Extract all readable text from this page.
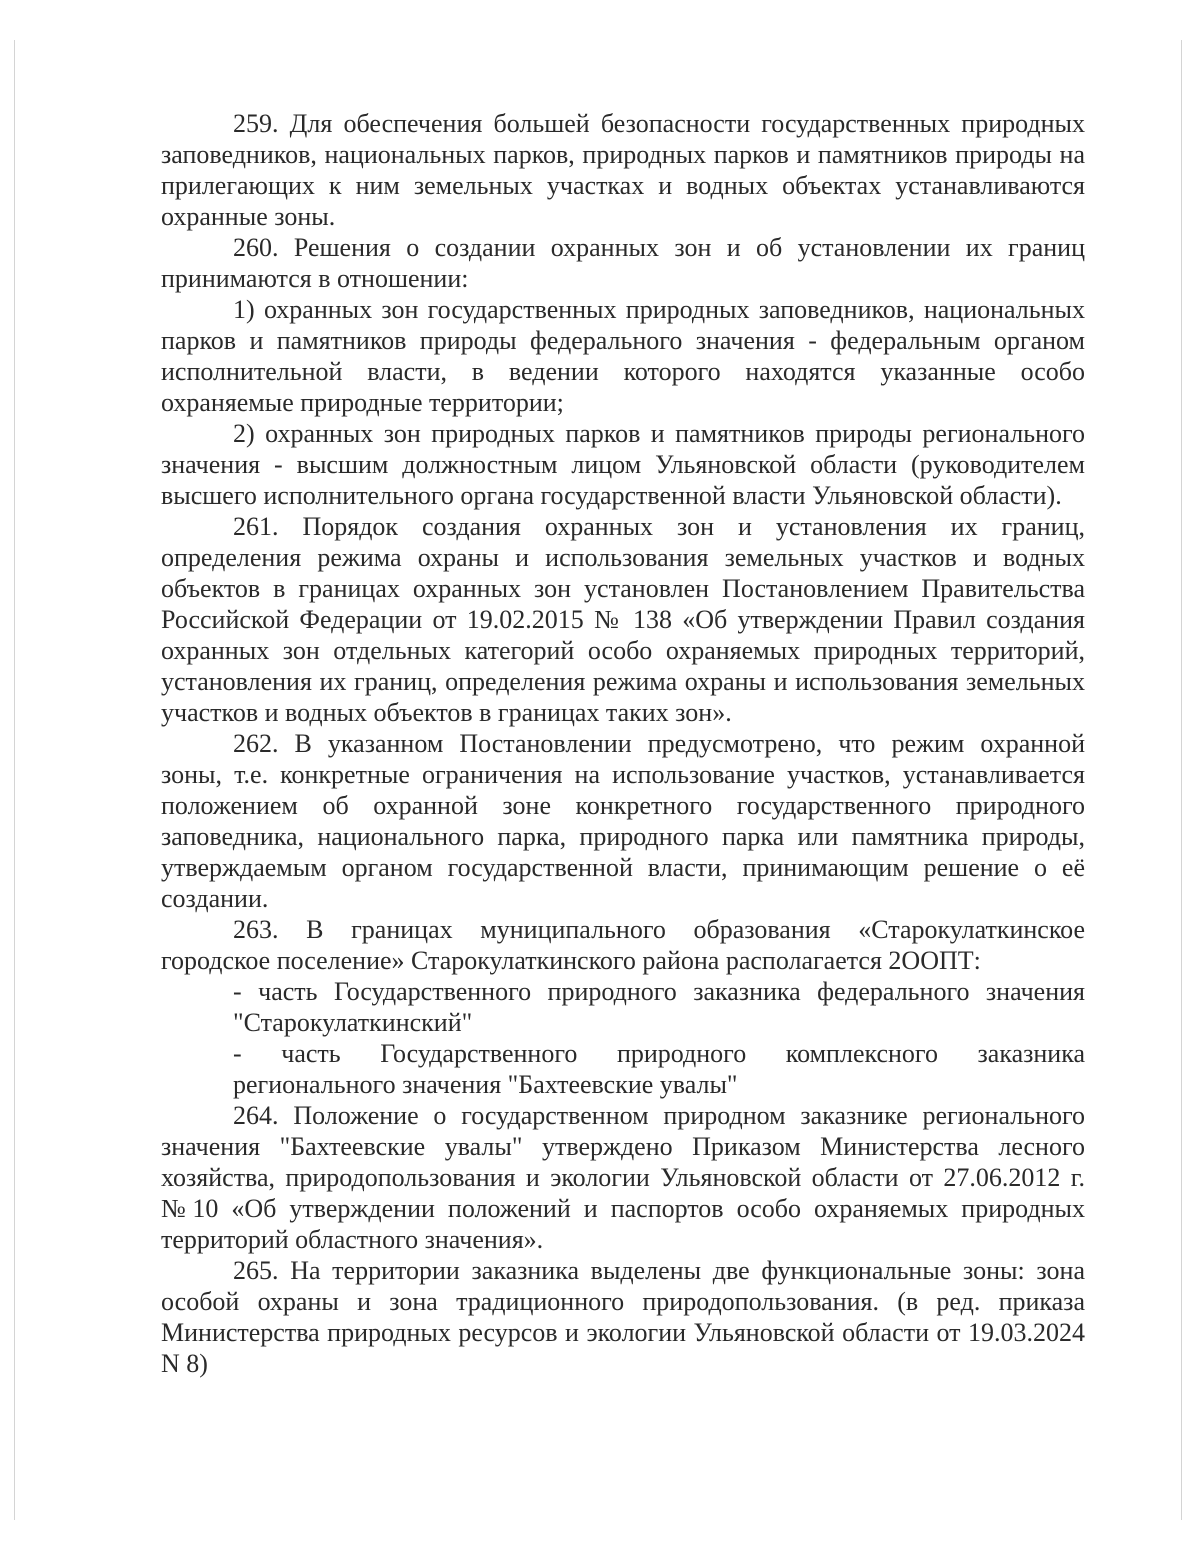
259. Для обеспечения большей безопасности государственных природных заповедников, национальных парков, природных парков и памятников природы на прилегающих к ним земельных участках и водных объектах устанавливаются охранные зоны.

260. Решения о создании охранных зон и об установлении их границ принимаются в отношении:

1) охранных зон государственных природных заповедников, национальных парков и памятников природы федерального значения - федеральным органом исполнительной власти, в ведении которого находятся указанные особо охраняемые природные территории;

2) охранных зон природных парков и памятников природы регионального значения - высшим должностным лицом Ульяновской области (руководителем высшего исполнительного органа государственной власти Ульяновской области).

261. Порядок создания охранных зон и установления их границ, определения режима охраны и использования земельных участков и водных объектов в границах охранных зон установлен Постановлением Правительства Российской Федерации от 19.02.2015 № 138 «Об утверждении Правил создания охранных зон отдельных категорий особо охраняемых природных территорий, установления их границ, определения режима охраны и использования земельных участков и водных объектов в границах таких зон».

262. В указанном Постановлении предусмотрено, что режим охранной зоны, т.е. конкретные ограничения на использование участков, устанавливается положением об охранной зоне конкретного государственного природного заповедника, национального парка, природного парка или памятника природы, утверждаемым органом государственной власти, принимающим решение о её создании.

263. В границах муниципального образования «Старокулаткинское городское поселение» Старокулаткинского района располагается 2ООПТ:

- часть Государственного природного заказника федерального значения "Старокулаткинский"

- часть Государственного природного комплексного заказника регионального значения "Бахтеевские увалы"

264. Положение о государственном природном заказнике регионального значения "Бахтеевские увалы" утверждено Приказом Министерства лесного хозяйства, природопользования и экологии Ульяновской области от 27.06.2012 г. №10 «Об утверждении положений и паспортов особо охраняемых природных территорий областного значения».

265. На территории заказника выделены две функциональные зоны: зона особой охраны и зона традиционного природопользования. (в ред. приказа Министерства природных ресурсов и экологии Ульяновской области от 19.03.2024 N 8)
